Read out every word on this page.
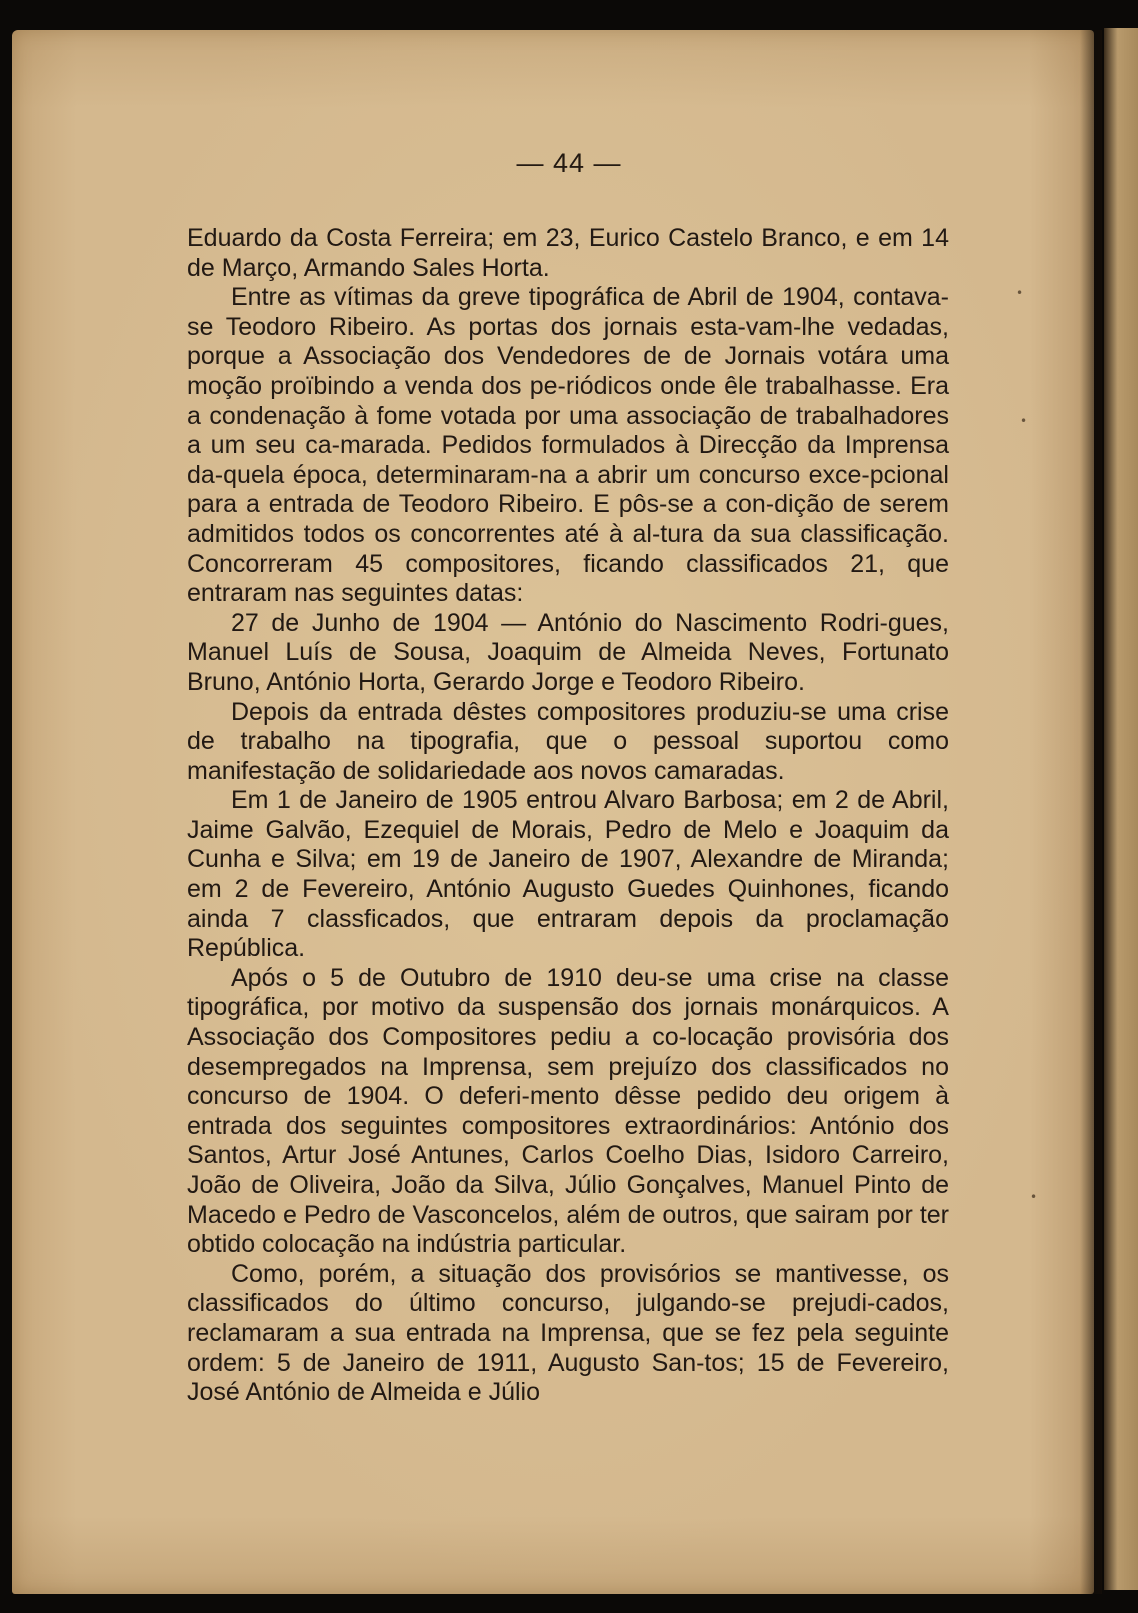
— 44 —

Eduardo da Costa Ferreira; em 23, Eurico Castelo Branco, e em 14 de Março, Armando Sales Horta.

Entre as vítimas da greve tipográfica de Abril de 1904, contava-se Teodoro Ribeiro. As portas dos jornais esta-vam-lhe vedadas, porque a Associação dos Vendedores de de Jornais votára uma moção proïbindo a venda dos pe-riódicos onde êle trabalhasse. Era a condenação à fome votada por uma associação de trabalhadores a um seu ca-marada. Pedidos formulados à Direcção da Imprensa da-quela época, determinaram-na a abrir um concurso exce-pcional para a entrada de Teodoro Ribeiro. E pôs-se a con-dição de serem admitidos todos os concorrentes até à al-tura da sua classificação. Concorreram 45 compositores, ficando classificados 21, que entraram nas seguintes datas:

27 de Junho de 1904 — António do Nascimento Rodri-gues, Manuel Luís de Sousa, Joaquim de Almeida Neves, Fortunato Bruno, António Horta, Gerardo Jorge e Teodoro Ribeiro.

Depois da entrada dêstes compositores produziu-se uma crise de trabalho na tipografia, que o pessoal suportou como manifestação de solidariedade aos novos camaradas.

Em 1 de Janeiro de 1905 entrou Alvaro Barbosa; em 2 de Abril, Jaime Galvão, Ezequiel de Morais, Pedro de Melo e Joaquim da Cunha e Silva; em 19 de Janeiro de 1907, Alexandre de Miranda; em 2 de Fevereiro, António Augusto Guedes Quinhones, ficando ainda 7 classficados, que entraram depois da proclamação República.

Após o 5 de Outubro de 1910 deu-se uma crise na classe tipográfica, por motivo da suspensão dos jornais monárquicos. A Associação dos Compositores pediu a co-locação provisória dos desempregados na Imprensa, sem prejuízo dos classificados no concurso de 1904. O deferi-mento dêsse pedido deu origem à entrada dos seguintes compositores extraordinários: António dos Santos, Artur José Antunes, Carlos Coelho Dias, Isidoro Carreiro, João de Oliveira, João da Silva, Júlio Gonçalves, Manuel Pinto de Macedo e Pedro de Vasconcelos, além de outros, que sairam por ter obtido colocação na indústria particular.

Como, porém, a situação dos provisórios se mantivesse, os classificados do último concurso, julgando-se prejudi-cados, reclamaram a sua entrada na Imprensa, que se fez pela seguinte ordem: 5 de Janeiro de 1911, Augusto San-tos; 15 de Fevereiro, José António de Almeida e Júlio

•
•
•
